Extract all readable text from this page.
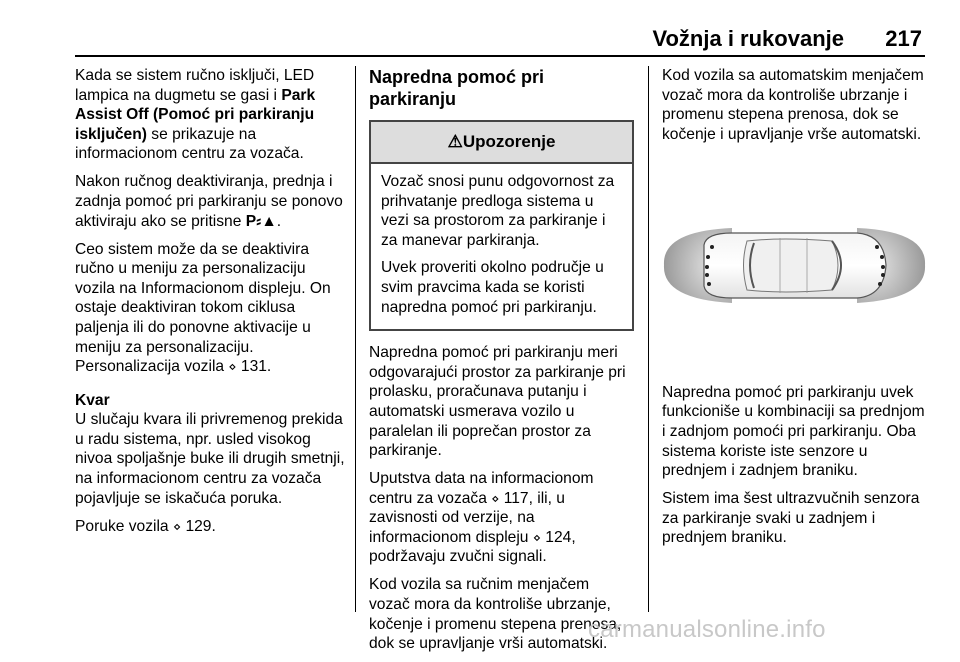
Vožnja i rukovanje 217

Kada se sistem ručno isključi, LED lampica na dugmetu se gasi i Park Assist Off (Pomoć pri parkiranju isključen) se prikazuje na informacionom centru za vozača.

Nakon ručnog deaktiviranja, prednja i zadnja pomoć pri parkiranju se ponovo aktiviraju ako se pritisne P⸗▲.

Ceo sistem može da se deaktivira ručno u meniju za personalizaciju vozila na Informacionom displeju. On ostaje deaktiviran tokom ciklusa paljenja ili do ponovne aktivacije u meniju za personalizaciju.
Personalizacija vozila ⋄ 131.

Kvar

U slučaju kvara ili privremenog prekida u radu sistema, npr. usled visokog nivoa spoljašnje buke ili drugih smetnji, na informacionom centru za vozača pojavljuje se iskačuća poruka.

Poruke vozila ⋄ 129.

Napredna pomoć pri parkiranju
⚠Upozorenje

Vozač snosi punu odgovornost za prihvatanje predloga sistema u vezi sa prostorom za parkiranje i za manevar parkiranja.

Uvek proveriti okolno područje u svim pravcima kada se koristi napredna pomoć pri parkiranju.

Napredna pomoć pri parkiranju meri odgovarajući prostor za parkiranje pri prolasku, proračunava putanju i automatski usmerava vozilo u paralelan ili poprečan prostor za parkiranje.

Uputstva data na informacionom centru za vozača ⋄ 117, ili, u zavisnosti od verzije, na informacionom displeju ⋄ 124, podržavaju zvučni signali.

Kod vozila sa ručnim menjačem vozač mora da kontroliše ubrzanje, kočenje i promenu stepena prenosa, dok se upravljanje vrši automatski.

Kod vozila sa automatskim menjačem vozač mora da kontroliše ubrzanje i promenu stepena prenosa, dok se kočenje i upravljanje vrše automatski.

Napredna pomoć pri parkiranju uvek funkcioniše u kombinaciji sa prednjom i zadnjom pomoći pri parkiranju. Oba sistema koriste iste senzore u prednjem i zadnjem braniku.

Sistem ima šest ultrazvučnih senzora za parkiranje svaki u zadnjem i prednjem braniku.

carmanualsonline.info
